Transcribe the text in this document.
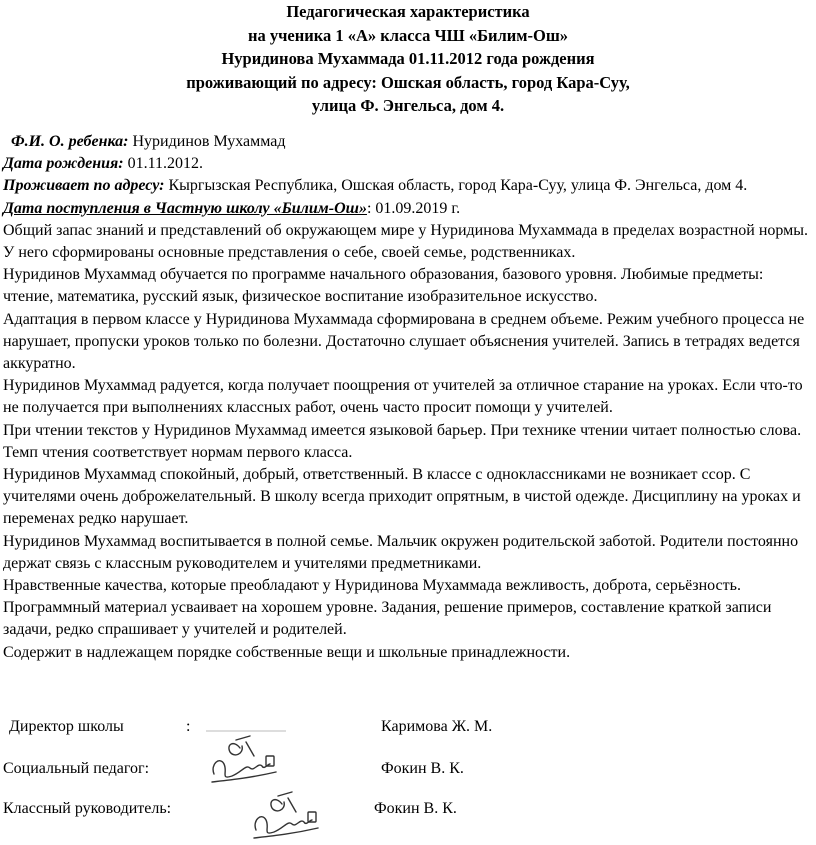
Педагогическая характеристика
на ученика 1 «А» класса ЧШ «Билим-Ош»
Нуридинова Мухаммада 01.11.2012 года рождения
проживающий по адресу: Ошская область, город Кара-Суу,
улица Ф. Энгельса, дом 4.

Ф.И. О. ребенка: Нуридинов Мухаммад

Дата рождения: 01.11.2012.

Проживает по адресу: Кыргызская Республика, Ошская область, город Кара-Суу, улица Ф. Энгельса, дом 4.

Дата поступления в Частную школу «Билим-Ош»: 01.09.2019 г.

Общий запас знаний и представлений об окружающем мире у Нуридинова Мухаммада в пределах возрастной нормы. У него сформированы основные представления о себе, своей семье, родственниках.

Нуридинов Мухаммад обучается по программе начального образования, базового уровня. Любимые предметы: чтение, математика, русский язык, физическое воспитание изобразительное искусство.

Адаптация в первом классе у Нуридинова Мухаммада сформирована в среднем объеме. Режим учебного процесса не нарушает, пропуски уроков только по болезни. Достаточно слушает объяснения учителей. Запись в тетрадях ведется аккуратно.

Нуридинов Мухаммад радуется, когда получает поощрения от учителей за отличное старание на уроках. Если что-то не получается при выполнениях классных работ, очень часто просит помощи у учителей.

При чтении текстов у Нуридинов Мухаммад имеется языковой барьер. При технике чтении читает полностью слова. Темп чтения соответствует нормам первого класса.

Нуридинов Мухаммад спокойный, добрый, ответственный. В классе с одноклассниками не возникает ссор. С учителями очень доброжелательный. В школу всегда приходит опрятным, в чистой одежде. Дисциплину на уроках и переменах редко нарушает.

Нуридинов Мухаммад воспитывается в полной семье. Мальчик окружен родительской заботой. Родители постоянно держат связь с классным руководителем и учителями предметниками.

Нравственные качества, которые преобладают у Нуридинова Мухаммада вежливость, доброта, серьёзность.

Программный материал усваивает на хорошем уровне. Задания, решение примеров, составление краткой записи задачи, редко спрашивает у учителей и родителей.

Содержит в надлежащем порядке собственные вещи и школьные принадлежности.

Директор школы	:	Каримова Ж. М.
Социальный педагог:	Фокин В. К.
Классный руководитель:	Фокин В. К.
